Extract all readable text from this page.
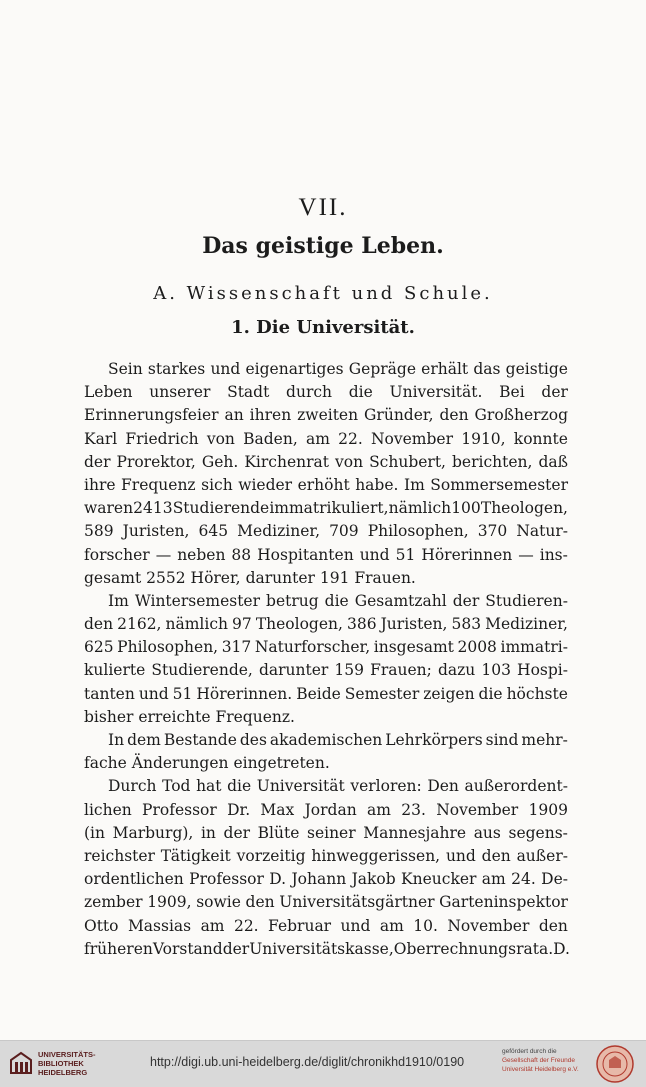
VII.
Das geistige Leben.
A. Wissenschaft und Schule.
1. Die Universität.
Sein starkes und eigenartiges Gepräge erhält das geistige
Leben unserer Stadt durch die Universität. Bei der
Erinnerungsfeier an ihren zweiten Gründer, den Großherzog
Karl Friedrich von Baden, am 22. November 1910, konnte
der Prorektor, Geh. Kirchenrat von Schubert, berichten, daß
ihre Frequenz sich wieder erhöht habe. Im Sommersemester
waren 2413 Studierende immatrikuliert, nämlich 100 Theologen,
589 Juristen, 645 Mediziner, 709 Philosophen, 370 Natur-
forscher — neben 88 Hospitanten und 51 Hörerinnen — ins-
gesamt
2552
Hörer,
darunter
191
Frauen.
Im Wintersemester betrug die Gesamtzahl der Studieren-
den 2162, nämlich 97 Theologen, 386 Juristen, 583 Mediziner,
625 Philosophen, 317 Naturforscher, insgesamt 2008 immatri-
kulierte Studierende, darunter 159 Frauen; dazu 103 Hospi-
tanten und 51 Hörerinnen. Beide Semester zeigen die höchste
bisher
erreichte
Frequenz.
In dem Bestande des akademischen Lehrkörpers sind mehr-
fache
Änderungen
eingetreten.
Durch Tod hat die Universität verloren: Den außerordent-
lichen Professor Dr. Max Jordan am 23. November 1909
(in Marburg), in der Blüte seiner Mannesjahre aus segens-
reichster Tätigkeit vorzeitig hinweggerissen, und den außer-
ordentlichen Professor D. Johann Jakob Kneucker am 24. De-
zember 1909, sowie den Universitätsgärtner Garteninspektor
Otto Massias am 22. Februar und am 10. November den
früheren Vorstand der Universitätskasse, Oberrechnungsrat a. D.
UNIVERSITÄTS-
BIBLIOTHEK
HEIDELBERG
http://digi.ub.uni-heidelberg.de/diglit/chronikhd1910/0190
gefördert durch die
Gesellschaft der Freunde
Universität Heidelberg e.V.
